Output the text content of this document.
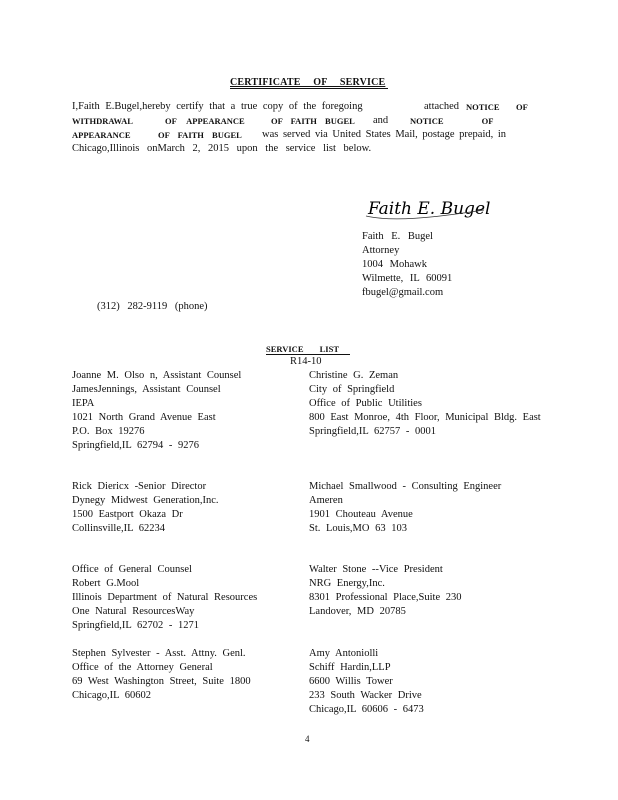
CERTIFICATE OF SERVICE
I,Faith E.Bugel,hereby certify that a true copy of the foregoing	attached NOTICE OF
WITHDRAWAL	OF APPEARANCE	OF FAITH BUGEL and	NOTICE OF
APPEARANCE	OF FAITH BUGEL was served via United States Mail, postage prepaid, in
Chicago,Illinois onMarch 2, 2015 upon the service list below.
Faith E. Bugel
Faith E. Bugel
Attorney
1004 Mohawk
Wilmette, IL 60091
fbugel@gmail.com
(312) 282-9119 (phone)
SERVICE LIST
R14-10
Joanne M. Olso n, Assistant Counsel
JamesJennings, Assistant Counsel
IEPA
1021 North Grand Avenue East
P.O. Box 19276
Springfield,IL 62794 - 9276
Rick Diericx -Senior Director
Dynegy Midwest Generation,Inc.
1500 Eastport Okaza Dr
Collinsville,IL 62234
Office of General Counsel
Robert G.Mool
Illinois Department of Natural Resources
One Natural ResourcesWay
Springfield,IL 62702 - 1271
Stephen Sylvester - Asst. Attny. Genl.
Office of the Attorney General
69 West Washington Street, Suite 1800
Chicago,IL 60602
Christine G. Zeman
City of Springfield
Office of Public Utilities
800 East Monroe, 4th Floor, Municipal Bldg. East
Springfield,IL 62757 - 0001
Michael Smallwood - Consulting Engineer
Ameren
1901 Chouteau Avenue
St. Louis,MO 63 103
Walter Stone --Vice President
NRG Energy,Inc.
8301 Professional Place,Suite 230
Landover, MD 20785
Amy Antoniolli
Schiff Hardin,LLP
6600 Willis Tower
233 South Wacker Drive
Chicago,IL 60606 - 6473
4
